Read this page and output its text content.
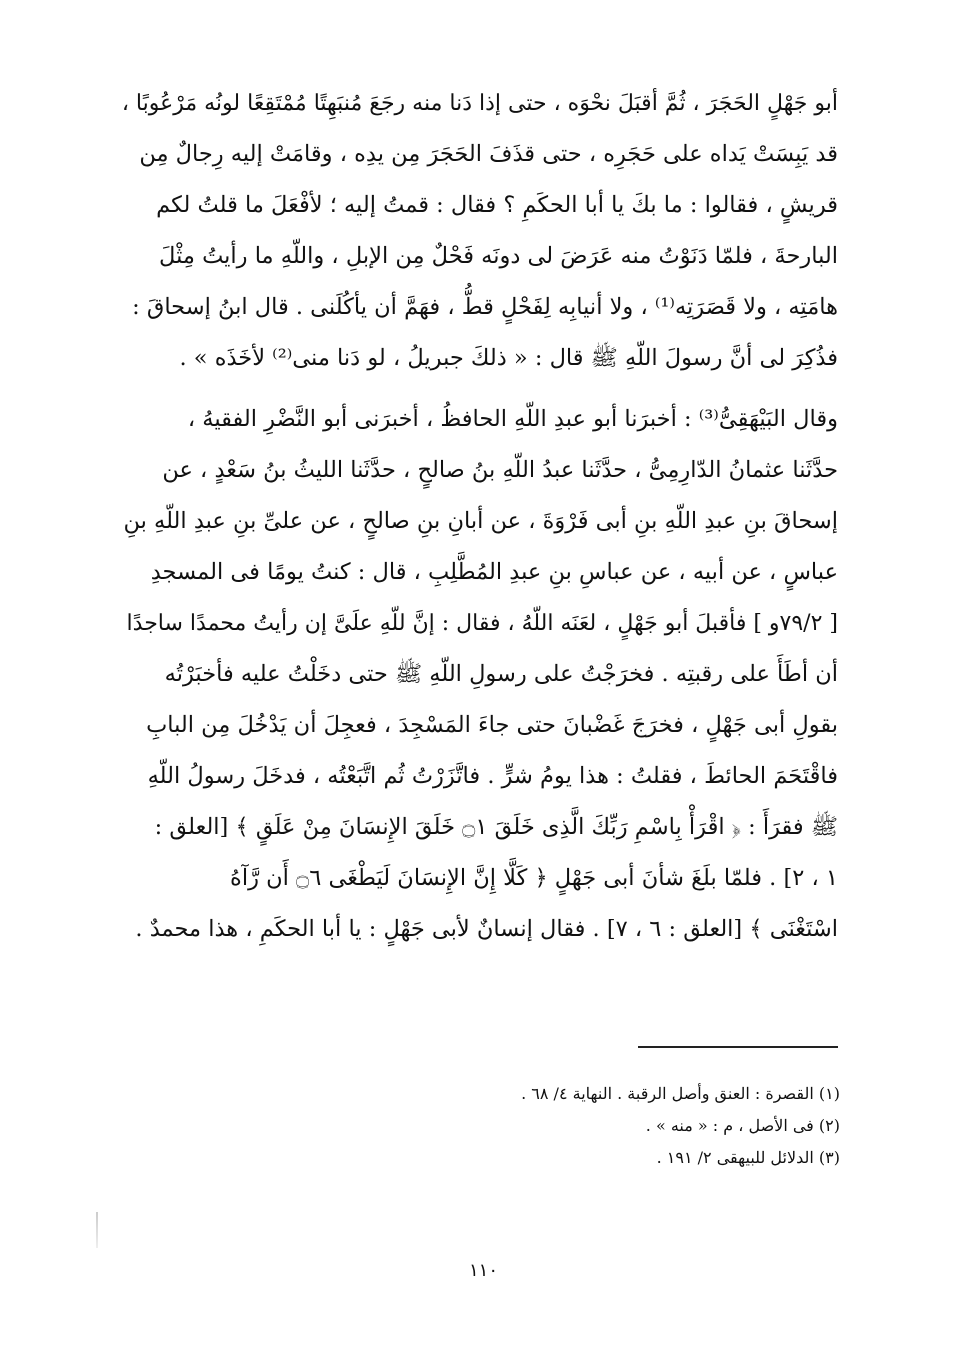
أبو جَهْلٍ الحَجَرَ ، ثُمَّ أقبَلَ نحْوَه ، حتى إذا دَنا منه رجَعَ مُنبَهِتًا مُمْتَقِعًا لونُه مَرْعُوبًا ،
قد يَبِسَتْ يَداه على حَجَرِه ، حتى قذَفَ الحَجَرَ مِن يدِه ، وقامَتْ إليه رِجالٌ مِن
قريشٍ ، فقالوا : ما بكَ يا أبا الحكَمِ ؟ فقال : قمتُ إليه ؛ لأفْعَلَ ما قلتُ لكم
البارحةَ ، فلمّا دَنَوْتُ منه عَرَضَ لى دونَه فَحْلٌ مِن الإبلِ ، واللّهِ ما رأيتُ مِثْلَ
هامَتِه ، ولا قَصَرَتِه⁽¹⁾ ، ولا أنيابِه لِفَحْلٍ قطُّ ، فهَمَّ أن يأكُلَنى . قال ابنُ إسحاقَ :
فذُكِرَ لى أنَّ رسولَ اللّهِ ﷺ قال : « ذلكَ جبريلُ ، لو دَنا منى⁽²⁾ لأخَذَه » .
وقال البَيْهَقِىُّ⁽³⁾ : أخبرَنا أبو عبدِ اللّهِ الحافظُ ، أخبرَنى أبو النَّضْرِ الفقيهُ ،
حدَّثَنا عثمانُ الدّارِمِىُّ ، حدَّثَنا عبدُ اللّهِ بنُ صالحٍ ، حدَّثَنا الليثُ بنُ سَعْدٍ ، عن
إسحاقَ بنِ عبدِ اللّهِ بنِ أبى فَرْوَةَ ، عن أبانِ بنِ صالحٍ ، عن علىِّ بنِ عبدِ اللّهِ بنِ
عباسٍ ، عن أبيه ، عن عباسِ بنِ عبدِ المُطَّلِبِ ، قال : كنتُ يومًا فى المسجدِ
[ ٧٩/٢و ] فأقبلَ أبو جَهْلٍ ، لعَنَه اللّهُ ، فقال : إنَّ للّهِ علَىَّ إن رأيتُ محمدًا ساجدًا
أن أطَأَ على رقبتِه . فخرَجْتُ على رسولِ اللّهِ ﷺ حتى دخَلْتُ عليه فأخبَرْتُه
بقولِ أبى جَهْلٍ ، فخرَجَ غَضْبانَ حتى جاءَ المَسْجِدَ ، فعجِلَ أن يَدْخُلَ مِن البابِ
فاقْتَحَمَ الحائطَ ، فقلتُ : هذا يومُ شرٍّ . فاتَّزَرْتُ ثُم اتَّبَعْتُه ، فدخَلَ رسولُ اللّهِ
ﷺ فقرَأَ : ﴿ اقْرَأْ بِاسْمِ رَبِّكَ الَّذِى خَلَقَ ۝١ خَلَقَ الإِنسَانَ مِنْ عَلَقٍ ﴾ [العلق :
١ ، ٢] . فلمّا بلَغَ شأنَ أبى جَهْلٍ ﴿ كَلَّا إِنَّ الإِنسَانَ لَيَطْغَى ۝٦ أَن رَّآهُ
اسْتَغْنَى ﴾ [العلق : ٦ ، ٧] . فقال إنسانٌ لأبى جَهْلٍ : يا أبا الحكَمِ ، هذا محمدٌ .
(١) القصرة : العنق وأصل الرقبة . النهاية ٤/ ٦٨ .
(٢) فى الأصل ، م : « منه » .
(٣) الدلائل للبيهقى ٢/ ١٩١ .
١١٠
